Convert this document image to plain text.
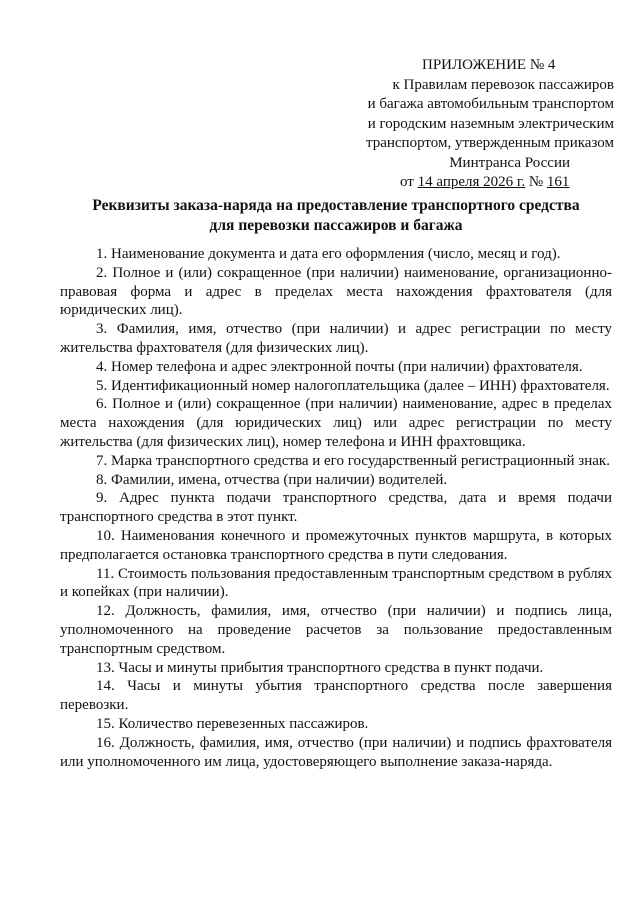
ПРИЛОЖЕНИЕ № 4
к Правилам перевозок пассажиров
и багажа автомобильным транспортом
и городским наземным электрическим
транспортом, утвержденным приказом
Минтранса России
от 14 апреля 2026 г. № 161
Реквизиты заказа-наряда на предоставление транспортного средства
для перевозки пассажиров и багажа

1. Наименование документа и дата его оформления (число, месяц и год).

2. Полное и (или) сокращенное (при наличии) наименование, организационно-правовая форма и адрес в пределах места нахождения фрахтователя (для юридических лиц).

3. Фамилия, имя, отчество (при наличии) и адрес регистрации по месту жительства фрахтователя (для физических лиц).

4. Номер телефона и адрес электронной почты (при наличии) фрахтователя.

5. Идентификационный номер налогоплательщика (далее – ИНН) фрахтователя.

6. Полное и (или) сокращенное (при наличии) наименование, адрес в пределах места нахождения (для юридических лиц) или адрес регистрации по месту жительства (для физических лиц), номер телефона и ИНН фрахтовщика.

7. Марка транспортного средства и его государственный регистрационный знак.

8. Фамилии, имена, отчества (при наличии) водителей.

9. Адрес пункта подачи транспортного средства, дата и время подачи транспортного средства в этот пункт.

10. Наименования конечного и промежуточных пунктов маршрута, в которых предполагается остановка транспортного средства в пути следования.

11. Стоимость пользования предоставленным транспортным средством в рублях и копейках (при наличии).

12. Должность, фамилия, имя, отчество (при наличии) и подпись лица, уполномоченного на проведение расчетов за пользование предоставленным транспортным средством.

13. Часы и минуты прибытия транспортного средства в пункт подачи.

14. Часы и минуты убытия транспортного средства после завершения перевозки.

15. Количество перевезенных пассажиров.

16. Должность, фамилия, имя, отчество (при наличии) и подпись фрахтователя или уполномоченного им лица, удостоверяющего выполнение заказа-наряда.
